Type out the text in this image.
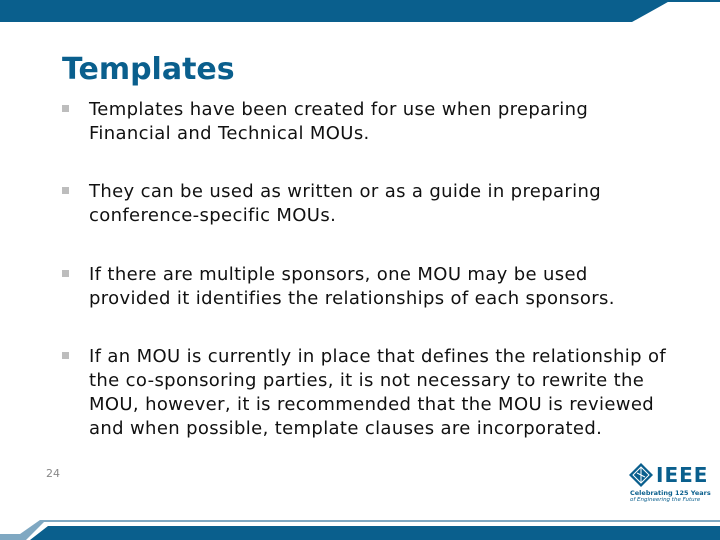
Templates
Templates have been created for use when preparing Financial and Technical MOUs.
They can be used as written or as a guide in preparing conference-specific MOUs.
If there are multiple sponsors, one MOU may be used provided it identifies the relationships of each sponsors.
If an MOU is currently in place that defines the relationship of the co-sponsoring parties, it is not necessary to rewrite the MOU, however, it is recommended that the MOU is reviewed and when possible, template clauses are incorporated.
24	IEEE
Celebrating 125 Years
of Engineering the Future
